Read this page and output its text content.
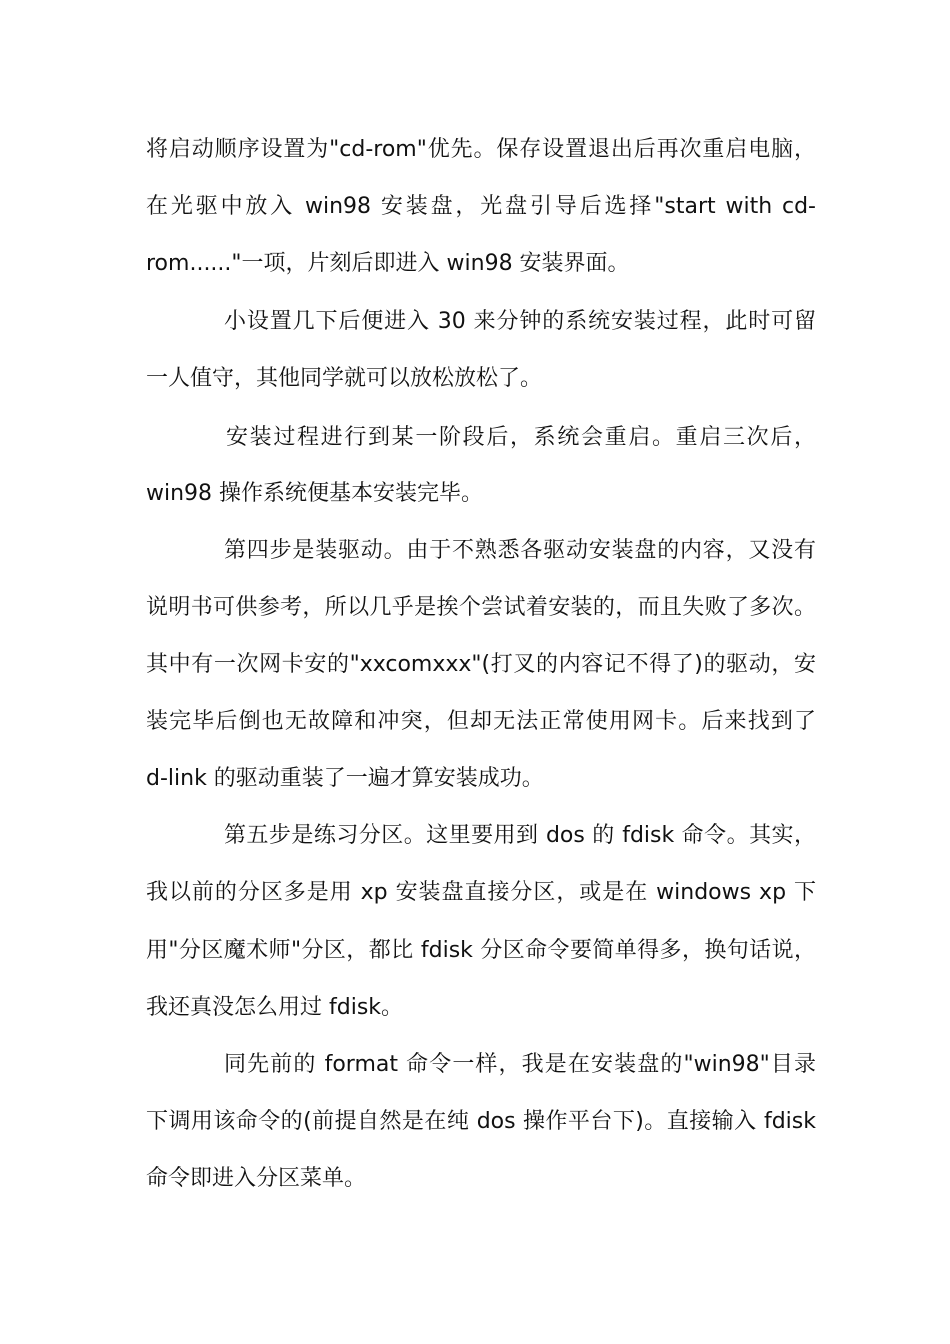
将启动顺序设置为"cd-rom"优先。保存设置退出后再次重启电脑，
在光驱中放入 win98 安装盘，光盘引导后选择"start with cd-
rom......"一项，片刻后即进入 win98 安装界面。
小设置几下后便进入 30 来分钟的系统安装过程，此时可留
一人值守，其他同学就可以放松放松了。
安装过程进行到某一阶段后，系统会重启。重启三次后，
win98 操作系统便基本安装完毕。
第四步是装驱动。由于不熟悉各驱动安装盘的内容，又没有
说明书可供参考，所以几乎是挨个尝试着安装的，而且失败了多次。
其中有一次网卡安的"xxcomxxx"(打叉的内容记不得了)的驱动，安
装完毕后倒也无故障和冲突，但却无法正常使用网卡。后来找到了
d-link 的驱动重装了一遍才算安装成功。
第五步是练习分区。这里要用到 dos 的 fdisk 命令。其实，
我以前的分区多是用 xp 安装盘直接分区，或是在 windows xp 下
用"分区魔术师"分区，都比 fdisk 分区命令要简单得多，换句话说，
我还真没怎么用过 fdisk。
同先前的 format 命令一样，我是在安装盘的"win98"目录
下调用该命令的(前提自然是在纯 dos 操作平台下)。直接输入 fdisk
命令即进入分区菜单。
